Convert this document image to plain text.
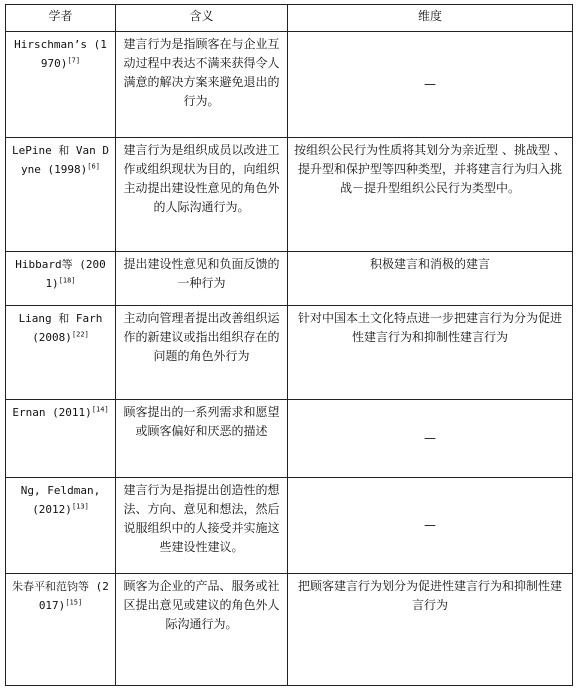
学者	含义	维度
Hirschman’s (1970)[7]	建言行为是指顾客在与企业互动过程中表达不满来获得令人满意的解决方案来避免退出的行为。	—
LePine 和 Van Dyne (1998)[6]	建言行为是组织成员以改进工作或组织现状为目的，向组织主动提出建设性意见的角色外的人际沟通行为。	按组织公民行为性质将其划分为亲近型 、挑战型 、提升型和保护型等四种类型，并将建言行为归入挑战－提升型组织公民行为类型中。
Hibbard等 (2001)[18]	提出建设性意见和负面反馈的一种行为	积极建言和消极的建言
Liang 和 Farh (2008)[22]	主动向管理者提出改善组织运作的新建议或指出组织存在的问题的角色外行为	针对中国本土文化特点进一步把建言行为分为促进性建言行为和抑制性建言行为
Ernan (2011)[14]	顾客提出的一系列需求和愿望或顾客偏好和厌恶的描述	—
Ng, Feldman, (2012)[13]	建言行为是指提出创造性的想法、方向、意见和想法，然后说服组织中的人接受并实施这些建设性建议。	—
朱春平和范钧等 (2017)[15]	顾客为企业的产品、服务或社区提出意见或建议的角色外人际沟通行为。	把顾客建言行为划分为促进性建言行为和抑制性建言行为
